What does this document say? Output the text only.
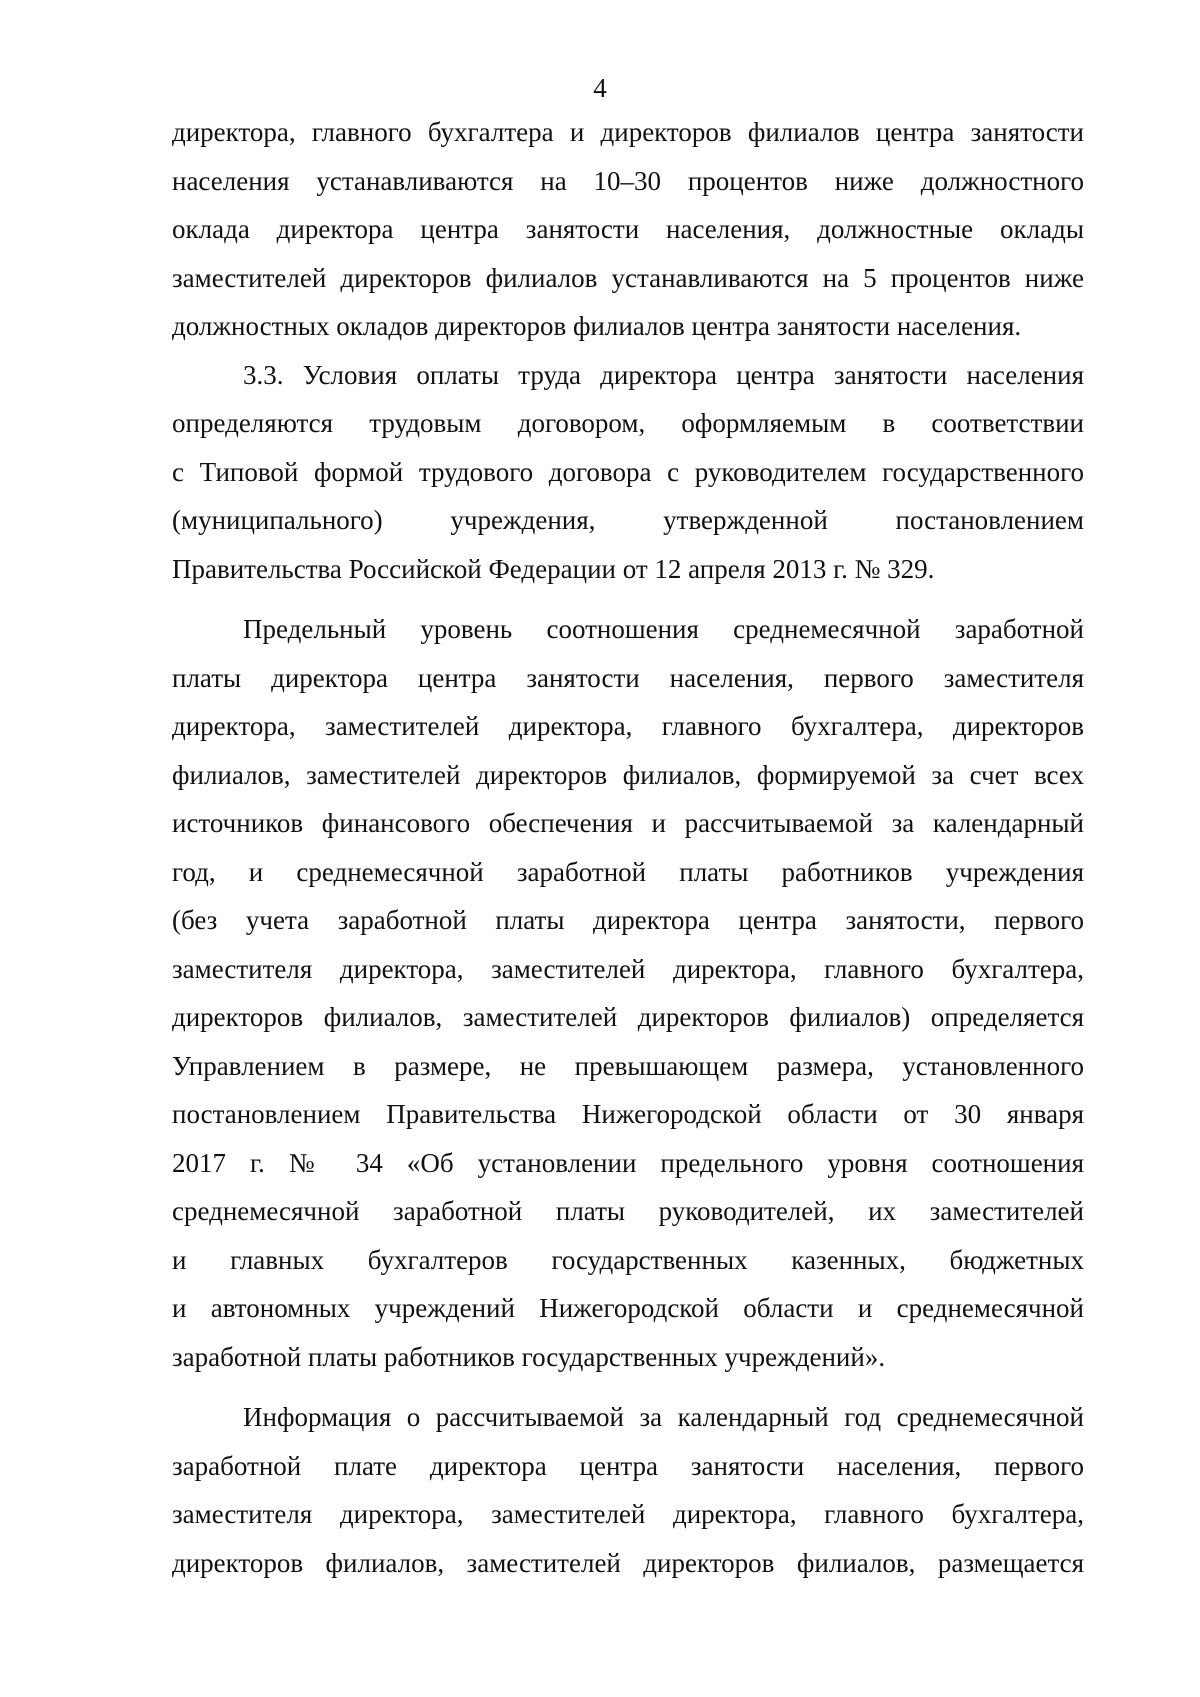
4
директора, главного бухгалтера и директоров филиалов центра занятости
населения устанавливаются на 10–30 процентов ниже должностного
оклада директора центра занятости населения, должностные оклады
заместителей директоров филиалов устанавливаются на 5 процентов ниже
должностных окладов директоров филиалов центра занятости населения.
3.3. Условия оплаты труда директора центра занятости населения
определяются трудовым договором, оформляемым в соответствии
с Типовой формой трудового договора с руководителем государственного
(муниципального) учреждения, утвержденной постановлением
Правительства Российской Федерации от 12 апреля 2013 г. № 329.
Предельный уровень соотношения среднемесячной заработной
платы директора центра занятости населения, первого заместителя
директора, заместителей директора, главного бухгалтера, директоров
филиалов, заместителей директоров филиалов, формируемой за счет всех
источников финансового обеспечения и рассчитываемой за календарный
год, и среднемесячной заработной платы работников учреждения
(без учета заработной платы директора центра занятости, первого
заместителя директора, заместителей директора, главного бухгалтера,
директоров филиалов, заместителей директоров филиалов) определяется
Управлением в размере, не превышающем размера, установленного
постановлением Правительства Нижегородской области от 30 января
2017 г. № 34 «Об установлении предельного уровня соотношения
среднемесячной заработной платы руководителей, их заместителей
и главных бухгалтеров государственных казенных, бюджетных
и автономных учреждений Нижегородской области и среднемесячной
заработной платы работников государственных учреждений».
Информация о рассчитываемой за календарный год среднемесячной
заработной плате директора центра занятости населения, первого
заместителя директора, заместителей директора, главного бухгалтера,
директоров филиалов, заместителей директоров филиалов, размещается
